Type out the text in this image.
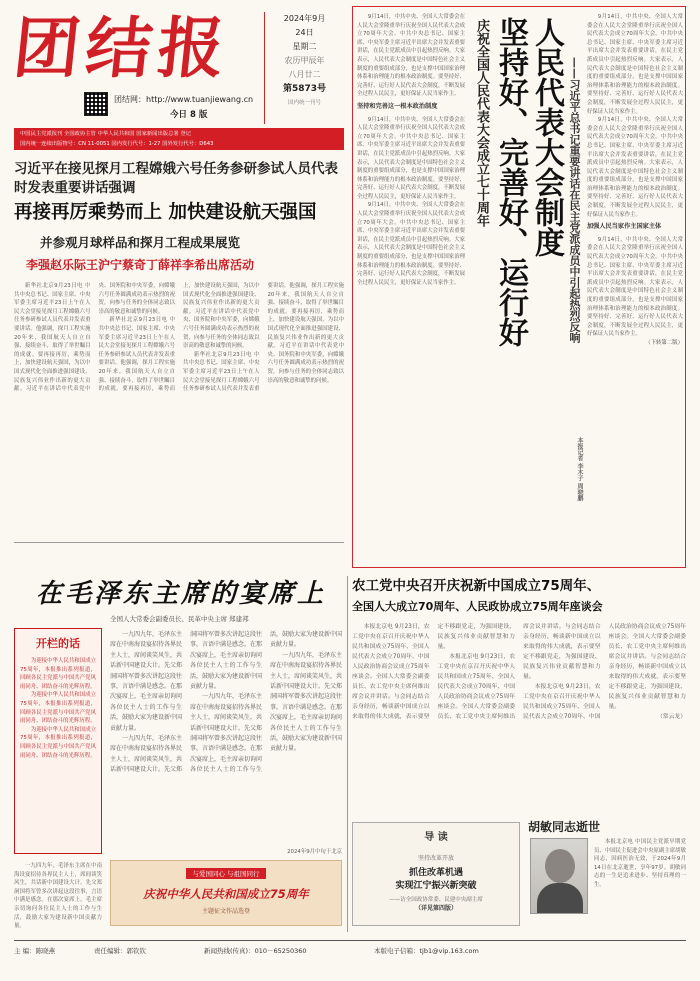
团结报	2024年9月
24日
星期二
农历甲辰年
八月廿二
第5873号
国内统一刊号
团结网：http://www.tuanjiewang.cn
今日 8 版
中国民主党派报刊 全国政协主管 中华人民共和国 国家新闻出版总署 登记
国内统一连续出版物号：CN 11-0051 国内发行代号：1-27 国外发行代号：D643
习近平在接见探月工程嫦娥六号任务参研参试人员代表时发表重要讲话强调
再接再厉乘势而上 加快建设航天强国
并参观月球样品和探月工程成果展览
李强赵乐际王沪宁蔡奇丁薛祥李希出席活动

新华社北京9月23日电 中共中央总书记、国家主席、中央军委主席习近平23日上午在人民大会堂接见探月工程嫦娥六号任务参研参试人员代表并发表重要讲话。他强调，探月工程实施20年来，我国航天人自立自强、接续奋斗，取得了举世瞩目的成就。要再接再厉，乘势而上，加快建设航天强国，为以中国式现代化全面推进强国建设、民族复兴伟业作出新的更大贡献。习近平在讲话中代表党中央、国务院和中央军委，向嫦娥六号任务圆满成功表示热烈的祝贺，向参与任务的全体同志致以崇高的敬意和诚挚的问候。

新华社北京9月23日电 中共中央总书记、国家主席、中央军委主席习近平23日上午在人民大会堂接见探月工程嫦娥六号任务参研参试人员代表并发表重要讲话。他强调，探月工程实施20年来，我国航天人自立自强、接续奋斗，取得了举世瞩目的成就。要再接再厉，乘势而上，加快建设航天强国，为以中国式现代化全面推进强国建设、民族复兴伟业作出新的更大贡献。习近平在讲话中代表党中央、国务院和中央军委，向嫦娥六号任务圆满成功表示热烈的祝贺，向参与任务的全体同志致以崇高的敬意和诚挚的问候。

新华社北京9月23日电 中共中央总书记、国家主席、中央军委主席习近平23日上午在人民大会堂接见探月工程嫦娥六号任务参研参试人员代表并发表重要讲话。他强调，探月工程实施20年来，我国航天人自立自强、接续奋斗，取得了举世瞩目的成就。要再接再厉，乘势而上，加快建设航天强国，为以中国式现代化全面推进强国建设、民族复兴伟业作出新的更大贡献。习近平在讲话中代表党中央、国务院和中央军委，向嫦娥六号任务圆满成功表示热烈的祝贺，向参与任务的全体同志致以崇高的敬意和诚挚的问候。

9月14日，中共中央、全国人大常委会在人民大会堂隆重举行庆祝全国人民代表大会成立70周年大会。中共中央总书记、国家主席、中央军委主席习近平出席大会并发表重要讲话，在民主党派成员中引起热烈反响。大家表示，人民代表大会制度是中国特色社会主义制度的重要组成部分，也是支撑中国国家治理体系和治理能力的根本政治制度。要坚持好、完善好、运行好人民代表大会制度，不断发展全过程人民民主，更好保证人民当家作主。

坚持和完善这一根本政治制度

9月14日，中共中央、全国人大常委会在人民大会堂隆重举行庆祝全国人民代表大会成立70周年大会。中共中央总书记、国家主席、中央军委主席习近平出席大会并发表重要讲话，在民主党派成员中引起热烈反响。大家表示，人民代表大会制度是中国特色社会主义制度的重要组成部分，也是支撑中国国家治理体系和治理能力的根本政治制度。要坚持好、完善好、运行好人民代表大会制度，不断发展全过程人民民主，更好保证人民当家作主。

9月14日，中共中央、全国人大常委会在人民大会堂隆重举行庆祝全国人民代表大会成立70周年大会。中共中央总书记、国家主席、中央军委主席习近平出席大会并发表重要讲话，在民主党派成员中引起热烈反响。大家表示，人民代表大会制度是中国特色社会主义制度的重要组成部分，也是支撑中国国家治理体系和治理能力的根本政治制度。要坚持好、完善好、运行好人民代表大会制度，不断发展全过程人民民主，更好保证人民当家作主。

庆祝全国人民代表大会成立七十周年 坚持好、完善好、运行好 人民代表大会制度 ——习近平总书记重要讲话在民主党派成员中引起热烈反响
本报记者 李木子 周晓鹏

9月14日，中共中央、全国人大常委会在人民大会堂隆重举行庆祝全国人民代表大会成立70周年大会。中共中央总书记、国家主席、中央军委主席习近平出席大会并发表重要讲话，在民主党派成员中引起热烈反响。大家表示，人民代表大会制度是中国特色社会主义制度的重要组成部分，也是支撑中国国家治理体系和治理能力的根本政治制度。要坚持好、完善好、运行好人民代表大会制度，不断发展全过程人民民主，更好保证人民当家作主。

9月14日，中共中央、全国人大常委会在人民大会堂隆重举行庆祝全国人民代表大会成立70周年大会。中共中央总书记、国家主席、中央军委主席习近平出席大会并发表重要讲话，在民主党派成员中引起热烈反响。大家表示，人民代表大会制度是中国特色社会主义制度的重要组成部分，也是支撑中国国家治理体系和治理能力的根本政治制度。要坚持好、完善好、运行好人民代表大会制度，不断发展全过程人民民主，更好保证人民当家作主。

加强人民当家作主国家主体

9月14日，中共中央、全国人大常委会在人民大会堂隆重举行庆祝全国人民代表大会成立70周年大会。中共中央总书记、国家主席、中央军委主席习近平出席大会并发表重要讲话，在民主党派成员中引起热烈反响。大家表示，人民代表大会制度是中国特色社会主义制度的重要组成部分，也是支撑中国国家治理体系和治理能力的根本政治制度。要坚持好、完善好、运行好人民代表大会制度，不断发展全过程人民民主，更好保证人民当家作主。

（下转第二版）
在毛泽东主席的宴席上
全国人大常委会副委员长、民革中央主席 郑建邦
开栏的话

为迎接中华人民共和国成立75周年，本报推出系列报道，回顾各民主党派与中国共产党风雨同舟、团结奋斗的光辉历程。

为迎接中华人民共和国成立75周年，本报推出系列报道，回顾各民主党派与中国共产党风雨同舟、团结奋斗的光辉历程。

为迎接中华人民共和国成立75周年，本报推出系列报道，回顾各民主党派与中国共产党风雨同舟、团结奋斗的光辉历程。

一九四九年，毛泽东主席在中南海设宴招待各界民主人士，席间谈笑风生，共话新中国建设大计。先父郑洞国将军曾多次讲起这段往事，言语中满是感念。在那次宴席上，毛主席亲切询问各位民主人士的工作与生活，鼓励大家为建设新中国贡献力量。

一九四九年，毛泽东主席在中南海设宴招待各界民主人士，席间谈笑风生，共话新中国建设大计。先父郑洞国将军曾多次讲起这段往事，言语中满是感念。在那次宴席上，毛主席亲切询问各位民主人士的工作与生活，鼓励大家为建设新中国贡献力量。

一九四九年，毛泽东主席在中南海设宴招待各界民主人士，席间谈笑风生，共话新中国建设大计。先父郑洞国将军曾多次讲起这段往事，言语中满是感念。在那次宴席上，毛主席亲切询问各位民主人士的工作与生活，鼓励大家为建设新中国贡献力量。

一九四九年，毛泽东主席在中南海设宴招待各界民主人士，席间谈笑风生，共话新中国建设大计。先父郑洞国将军曾多次讲起这段往事，言语中满是感念。在那次宴席上，毛主席亲切询问各位民主人士的工作与生活，鼓励大家为建设新中国贡献力量。

一九四九年，毛泽东主席在中南海设宴招待各界民主人士，席间谈笑风生，共话新中国建设大计。先父郑洞国将军曾多次讲起这段往事，言语中满是感念。在那次宴席上，毛主席亲切询问各位民主人士的工作与生活，鼓励大家为建设新中国贡献力量。

2024年9月中旬于北京
与爱国同心 与祖国同行
庆祝中华人民共和国成立75周年
主题征文作品选登
导 读
坚持改革开放
抓住改革机遇
实现江宁振兴新突破
——访全国政协常委、民建中央副主席
（详见第四版）
农工党中央召开庆祝新中国成立75周年、
全国人大成立70周年、人民政协成立75周年座谈会

本报北京电 9月23日，农工党中央在京召开庆祝中华人民共和国成立75周年、全国人民代表大会成立70周年、中国人民政治协商会议成立75周年座谈会。全国人大常委会副委员长、农工党中央主席何维出席会议并讲话。与会同志结合亲身经历，畅谈新中国成立以来取得的伟大成就，表示要坚定不移跟党走，为强国建设、民族复兴伟业贡献智慧和力量。

本报北京电 9月23日，农工党中央在京召开庆祝中华人民共和国成立75周年、全国人民代表大会成立70周年、中国人民政治协商会议成立75周年座谈会。全国人大常委会副委员长、农工党中央主席何维出席会议并讲话。与会同志结合亲身经历，畅谈新中国成立以来取得的伟大成就，表示要坚定不移跟党走，为强国建设、民族复兴伟业贡献智慧和力量。

本报北京电 9月23日，农工党中央在京召开庆祝中华人民共和国成立75周年、全国人民代表大会成立70周年、中国人民政治协商会议成立75周年座谈会。全国人大常委会副委员长、农工党中央主席何维出席会议并讲话。与会同志结合亲身经历，畅谈新中国成立以来取得的伟大成就，表示要坚定不移跟党走，为强国建设、民族复兴伟业贡献智慧和力量。

（常云龙）
胡敏同志逝世

本报北京电 中国民主党派早期党员、中国民主促进会中央原副主席胡敏同志，因病医治无效，于2024年9月14日在北京逝世，享年97岁。胡敏同志的一生是追求进步、坚持真理的一生。

主 编：陈晓燕	责任编辑：郭钦钦	新闻热线(传真)：010－65250360	本版电子信箱：tjb1@vip.163.com
